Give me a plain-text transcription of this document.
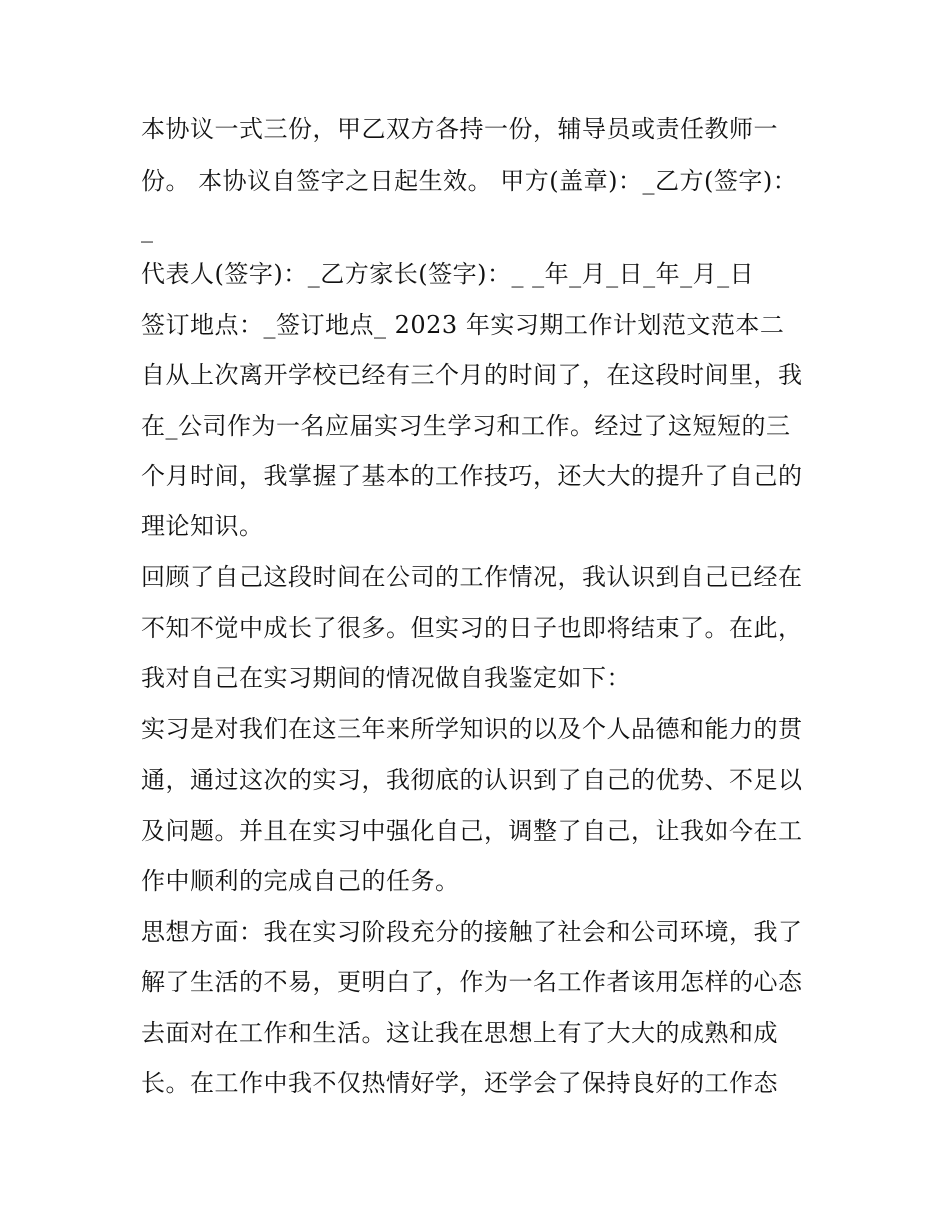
本协议一式三份，甲乙双方各持一份，辅导员或责任教师一
份。 本协议自签字之日起生效。 甲方(盖章)：_乙方(签字)：
_
代表人(签字)：_乙方家长(签字)：_ _年_月_日_年_月_日
签订地点：_签订地点_ 2023 年实习期工作计划范文范本二
自从上次离开学校已经有三个月的时间了，在这段时间里，我
在_公司作为一名应届实习生学习和工作。经过了这短短的三
个月时间，我掌握了基本的工作技巧，还大大的提升了自己的
理论知识。
回顾了自己这段时间在公司的工作情况，我认识到自己已经在
不知不觉中成长了很多。但实习的日子也即将结束了。在此，
我对自己在实习期间的情况做自我鉴定如下：
实习是对我们在这三年来所学知识的以及个人品德和能力的贯
通，通过这次的实习，我彻底的认识到了自己的优势、不足以
及问题。并且在实习中强化自己，调整了自己，让我如今在工
作中顺利的完成自己的任务。
思想方面：我在实习阶段充分的接触了社会和公司环境，我了
解了生活的不易，更明白了，作为一名工作者该用怎样的心态
去面对在工作和生活。这让我在思想上有了大大的成熟和成
长。在工作中我不仅热情好学，还学会了保持良好的工作态
